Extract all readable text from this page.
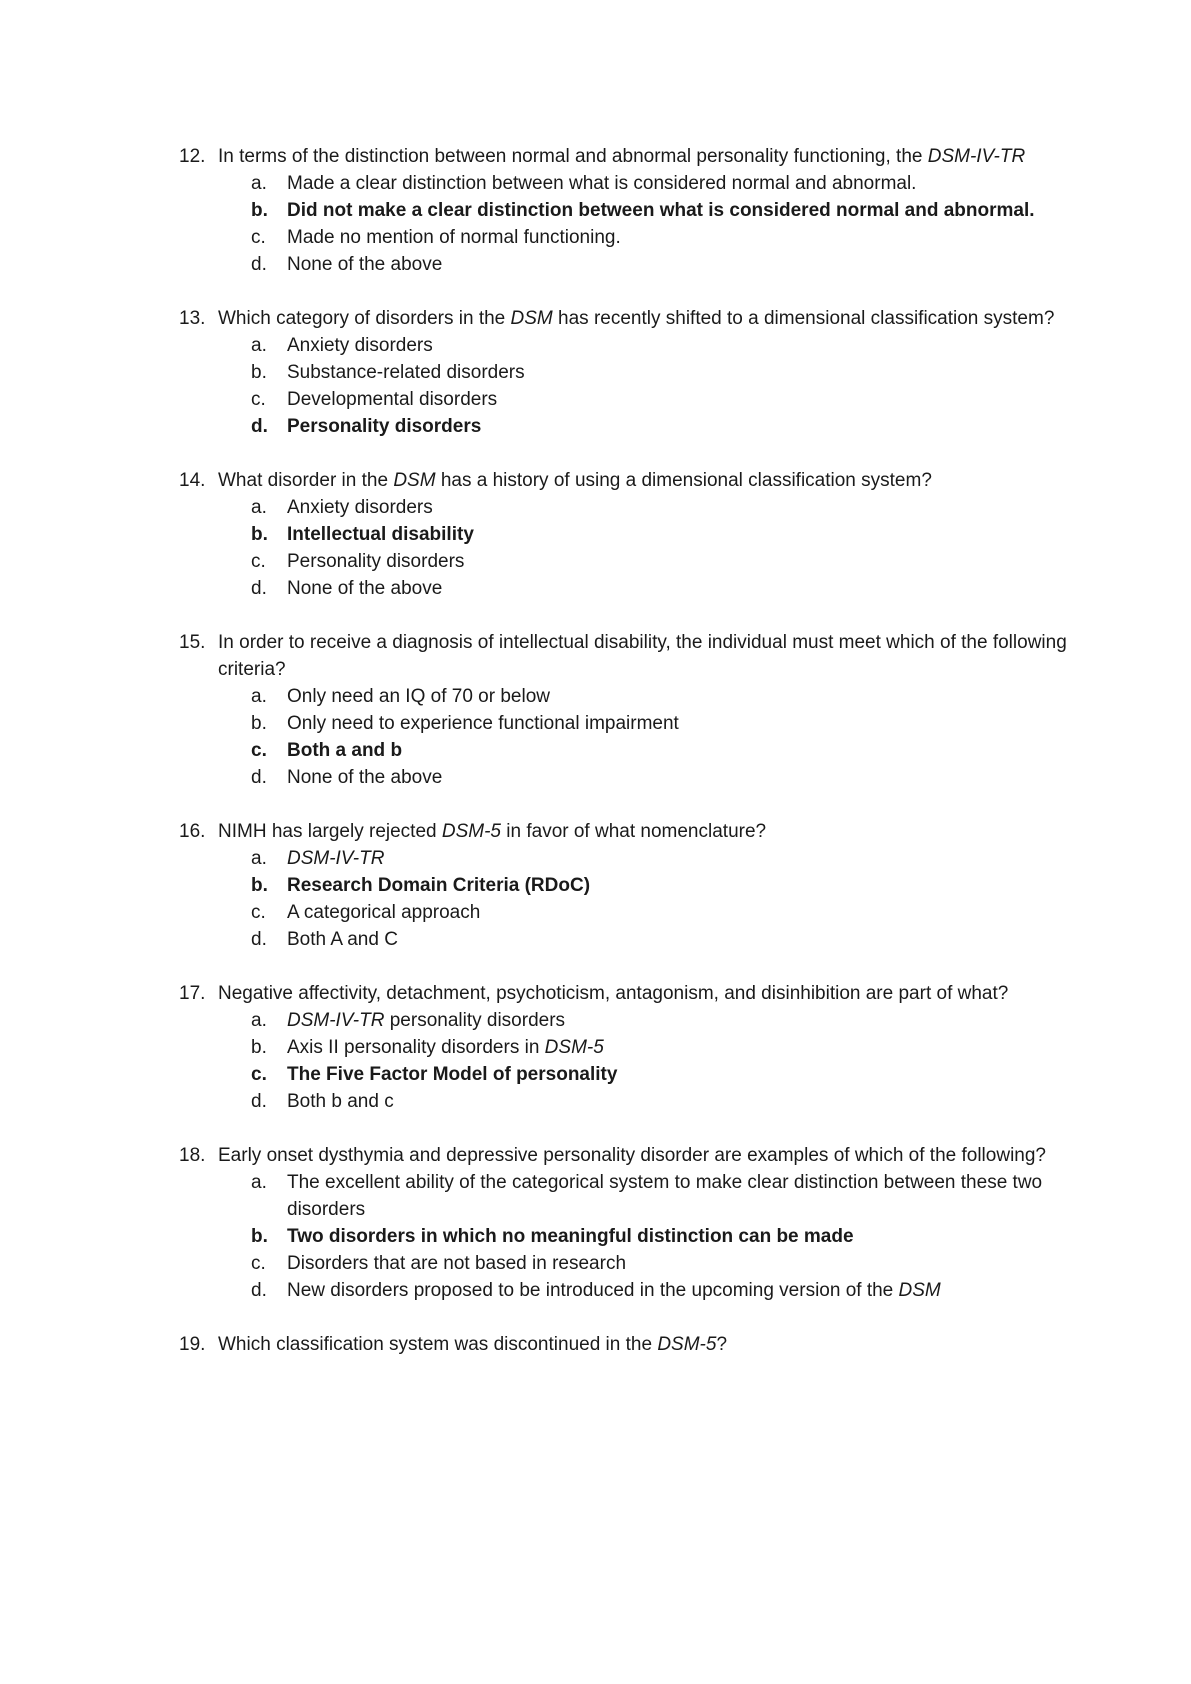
12. In terms of the distinction between normal and abnormal personality functioning, the DSM-IV-TR
a. Made a clear distinction between what is considered normal and abnormal.
b. Did not make a clear distinction between what is considered normal and abnormal.
c. Made no mention of normal functioning.
d. None of the above
13. Which category of disorders in the DSM has recently shifted to a dimensional classification system?
a. Anxiety disorders
b. Substance-related disorders
c. Developmental disorders
d. Personality disorders
14. What disorder in the DSM has a history of using a dimensional classification system?
a. Anxiety disorders
b. Intellectual disability
c. Personality disorders
d. None of the above
15. In order to receive a diagnosis of intellectual disability, the individual must meet which of the following criteria?
a. Only need an IQ of 70 or below
b. Only need to experience functional impairment
c. Both a and b
d. None of the above
16. NIMH has largely rejected DSM-5 in favor of what nomenclature?
a. DSM-IV-TR
b. Research Domain Criteria (RDoC)
c. A categorical approach
d. Both A and C
17. Negative affectivity, detachment, psychoticism, antagonism, and disinhibition are part of what?
a. DSM-IV-TR personality disorders
b. Axis II personality disorders in DSM-5
c. The Five Factor Model of personality
d. Both b and c
18. Early onset dysthymia and depressive personality disorder are examples of which of the following?
a. The excellent ability of the categorical system to make clear distinction between these two disorders
b. Two disorders in which no meaningful distinction can be made
c. Disorders that are not based in research
d. New disorders proposed to be introduced in the upcoming version of the DSM
19. Which classification system was discontinued in the DSM-5?
